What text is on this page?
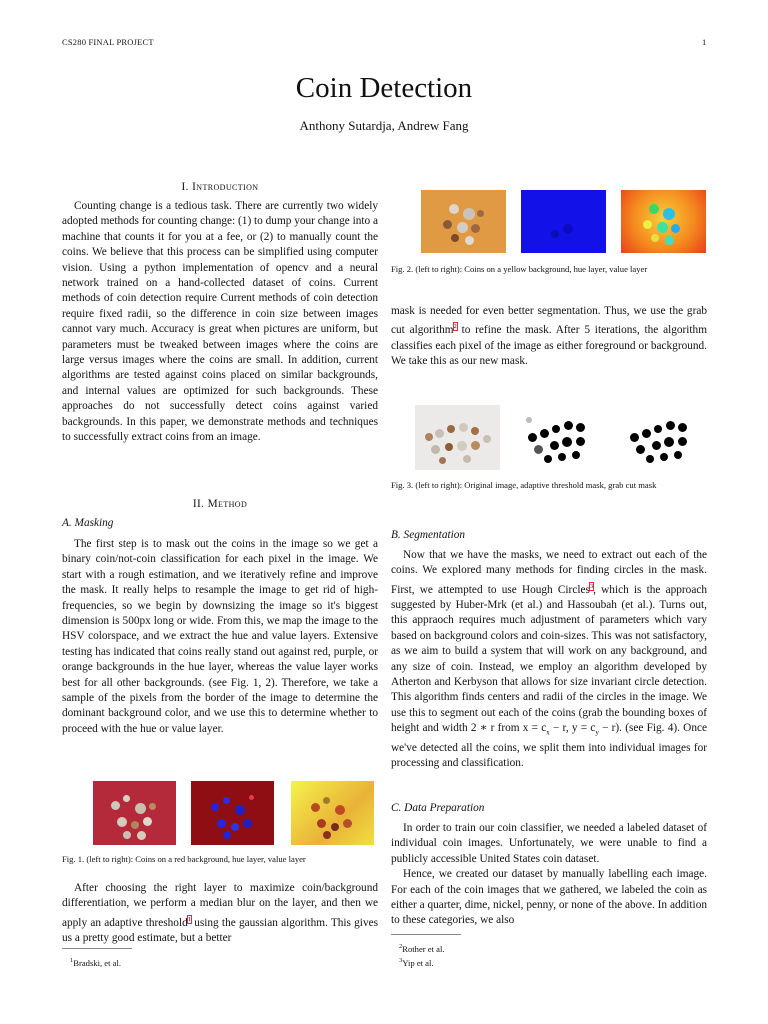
CS280 FINAL PROJECT	1
Coin Detection
Anthony Sutardja, Andrew Fang
I. Introduction

Counting change is a tedious task. There are currently two widely adopted methods for counting change: (1) to dump your change into a machine that counts it for you at a fee, or (2) to manually count the coins. We believe that this process can be simplified using computer vision. Using a python implementation of opencv and a neural network trained on a hand-collected dataset of coins. Current methods of coin detection require Current methods of coin detection require fixed radii, so the difference in coin size between images cannot vary much. Accuracy is great when pictures are uniform, but parameters must be tweaked between images where the coins are large versus images where the coins are small. In addition, current algorithms are tested against coins placed on similar backgrounds, and internal values are optimized for such backgrounds. These approaches do not successfully detect coins against varied backgrounds. In this paper, we demonstrate methods and techniques to successfully extract coins from an image.

II. Method
A. Masking

The first step is to mask out the coins in the image so we get a binary coin/not-coin classification for each pixel in the image. We start with a rough estimation, and we iteratively refine and improve the mask. It really helps to resample the image to get rid of high-frequencies, so we begin by downsizing the image so it's biggest dimension is 500px long or wide. From this, we map the image to the HSV colorspace, and we extract the hue and value layers. Extensive testing has indicated that coins really stand out against red, purple, or orange backgrounds in the hue layer, whereas the value layer works best for all other backgrounds. (see Fig. 1, 2). Therefore, we take a sample of the pixels from the border of the image to determine the dominant background color, and we use this to determine whether to proceed with the hue or value layer.

Fig. 1. (left to right): Coins on a red background, hue layer, value layer

After choosing the right layer to maximize coin/background differentiation, we perform a median blur on the layer, and then we apply an adaptive threshold$^1$ using the gaussian algorithm. This gives us a pretty good estimate, but a better

$^1$Bradski, et al.
Fig. 2. (left to right): Coins on a yellow background, hue layer, value layer

mask is needed for even better segmentation. Thus, we use the grab cut algorithm$^2$ to refine the mask. After 5 iterations, the algorithm classifies each pixel of the image as either foreground or background. We take this as our new mask.

Fig. 3. (left to right): Original image, adaptive threshold mask, grab cut mask
B. Segmentation

Now that we have the masks, we need to extract out each of the coins. We explored many methods for finding circles in the mask. First, we attempted to use Hough Circles$^3$, which is the approach suggested by Huber-Mrk (et al.) and Hassoubah (et al.). Turns out, this appraoch requires much adjustment of parameters which vary based on background colors and coin-sizes. This was not satisfactory, as we aim to build a system that will work on any background, and any size of coin. Instead, we employ an algorithm developed by Atherton and Kerbyson that allows for size invariant circle detection. This algorithm finds centers and radii of the circles in the image. We use this to segment out each of the coins (grab the bounding boxes of height and width 2 ∗ r from $x = c_x - r$, $y = c_y - r$). (see Fig. 4). Once we've detected all the coins, we split them into individual images for processing and classification.

C. Data Preparation

In order to train our coin classifier, we needed a labeled dataset of individual coin images. Unfortunately, we were unable to find a publicly accessible United States coin dataset.

Hence, we created our dataset by manually labelling each image. For each of the coin images that we gathered, we labeled the coin as either a quarter, dime, nickel, penny, or none of the above. In addition to these categories, we also

$^2$Rother et al.
$^3$Yip et al.
